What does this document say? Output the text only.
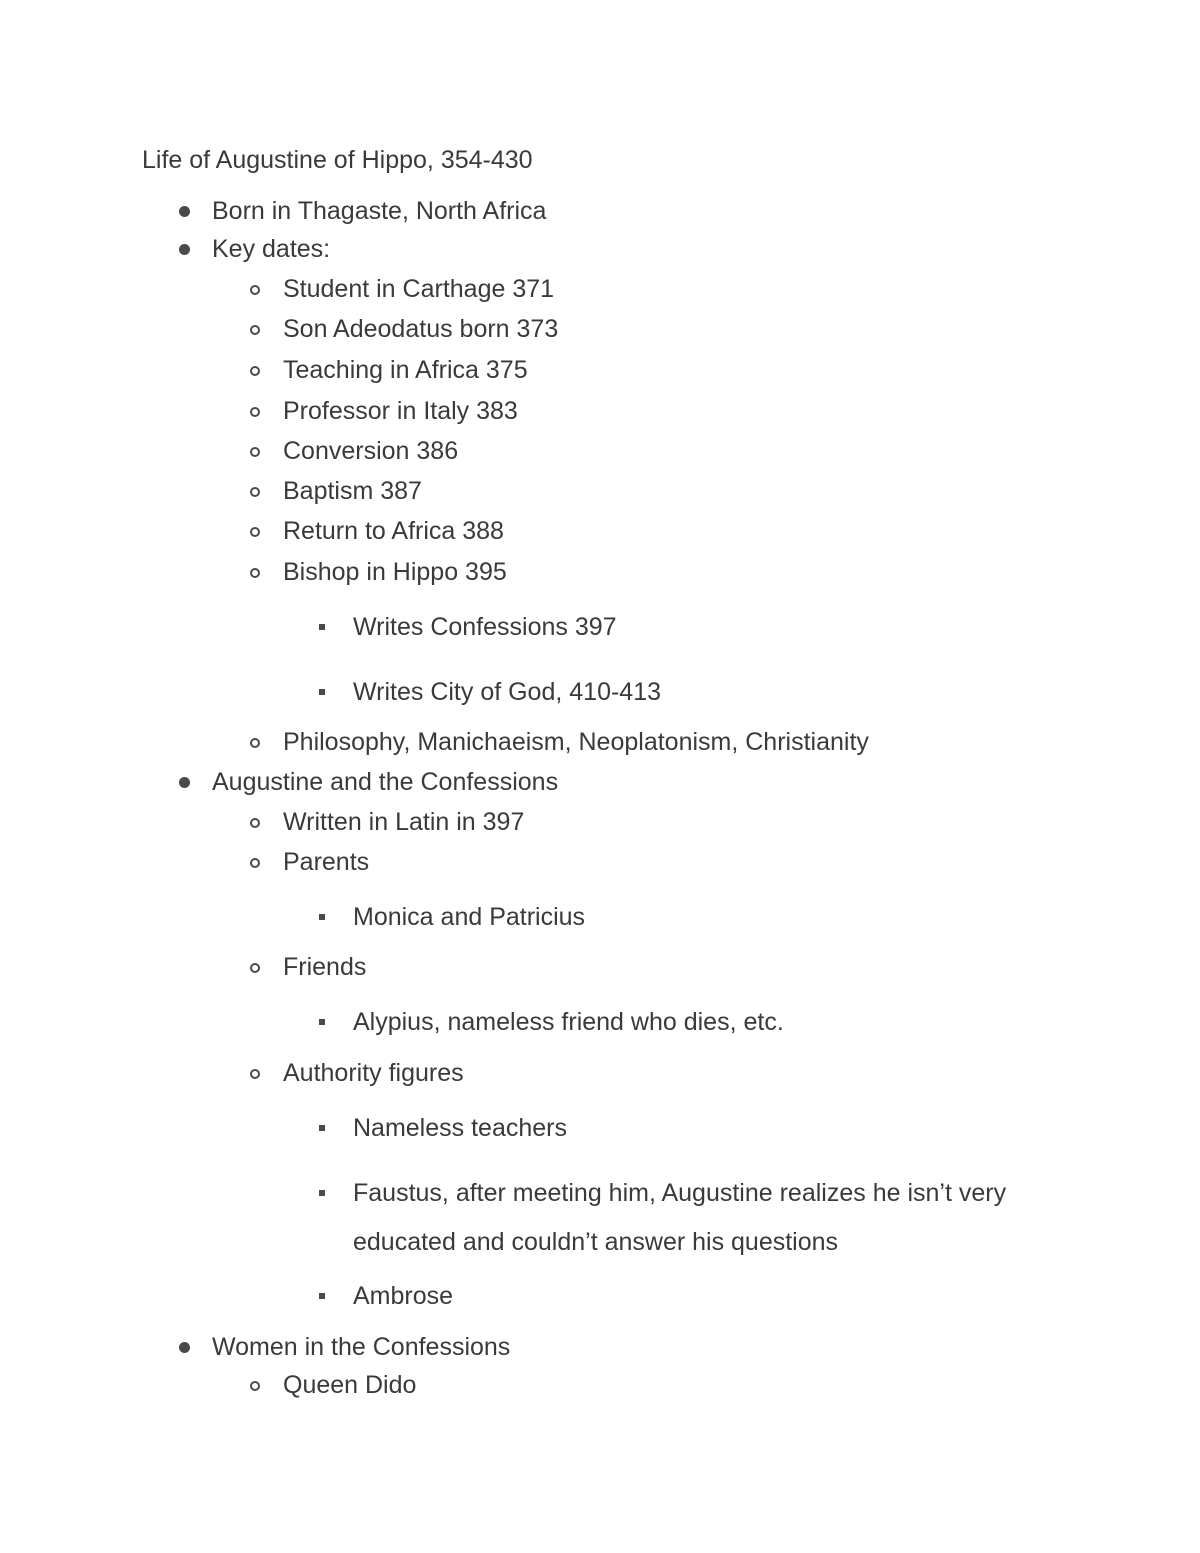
Life of Augustine of Hippo, 354-430
Born in Thagaste, North Africa
Key dates:
Student in Carthage 371
Son Adeodatus born 373
Teaching in Africa 375
Professor in Italy 383
Conversion 386
Baptism 387
Return to Africa 388
Bishop in Hippo 395
Writes Confessions 397
Writes City of God, 410-413
Philosophy, Manichaeism, Neoplatonism, Christianity
Augustine and the Confessions
Written in Latin in 397
Parents
Monica and Patricius
Friends
Alypius, nameless friend who dies, etc.
Authority figures
Nameless teachers
Faustus, after meeting him, Augustine realizes he isn’t very
educated and couldn’t answer his questions
Ambrose
Women in the Confessions
Queen Dido
